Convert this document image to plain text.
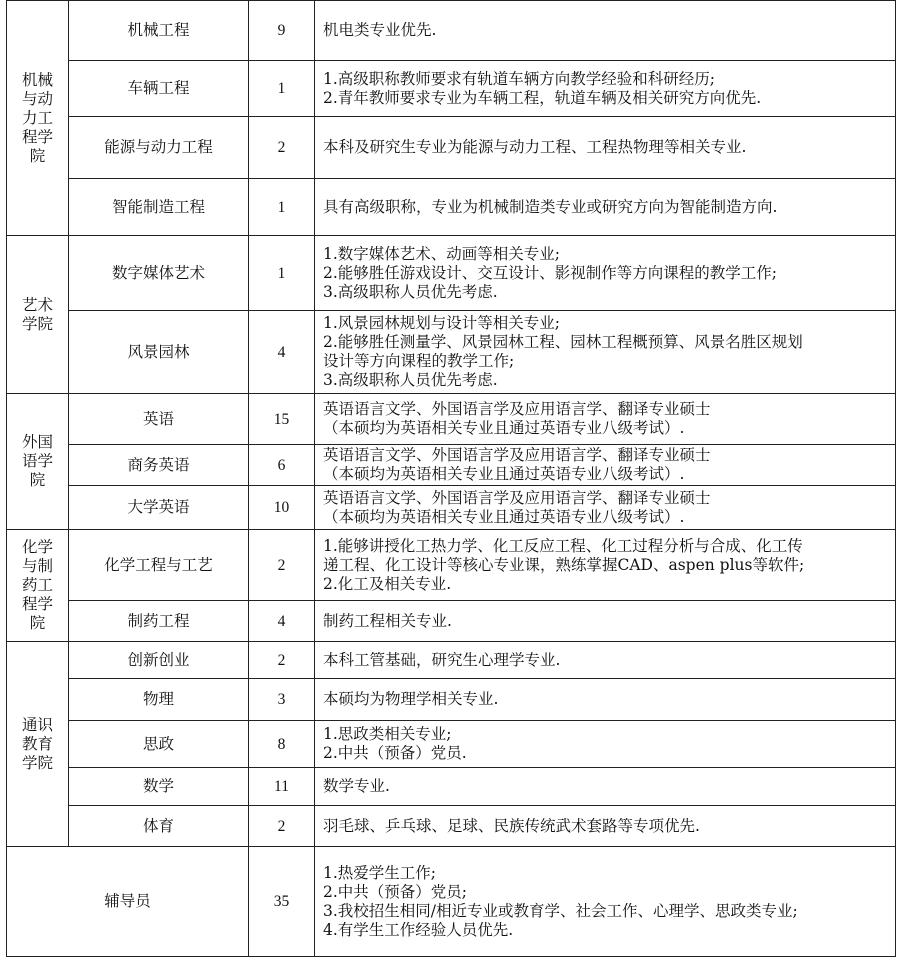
机械与动力工程学院	机械工程	9	机电类专业优先.

	车辆工程	1	1.高级职称教师要求有轨道车辆方向教学经验和科研经历;
2.青年教师要求专业为车辆工程，轨道车辆及相关研究方向优先.

	能源与动力工程	2	本科及研究生专业为能源与动力工程、工程热物理等相关专业.

	智能制造工程	1	具有高级职称，专业为机械制造类专业或研究方向为智能制造方向.

艺术学院	数字媒体艺术	1	1.数字媒体艺术、动画等相关专业;
2.能够胜任游戏设计、交互设计、影视制作等方向课程的教学工作;
3.高级职称人员优先考虑.

	风景园林	4	1.风景园林规划与设计等相关专业;
2.能够胜任测量学、风景园林工程、园林工程概预算、风景名胜区规划
设计等方向课程的教学工作;
3.高级职称人员优先考虑.

外国语学院	英语	15	英语语言文学、外国语言学及应用语言学、翻译专业硕士
（本硕均为英语相关专业且通过英语专业八级考试）.

	商务英语	6	英语语言文学、外国语言学及应用语言学、翻译专业硕士
（本硕均为英语相关专业且通过英语专业八级考试）.

	大学英语	10	英语语言文学、外国语言学及应用语言学、翻译专业硕士
（本硕均为英语相关专业且通过英语专业八级考试）.

化学与制药工程学院	化学工程与工艺	2	1.能够讲授化工热力学、化工反应工程、化工过程分析与合成、化工传
递工程、化工设计等核心专业课，熟练掌握CAD、aspen plus等软件;
2.化工及相关专业.

	制药工程	4	制药工程相关专业.

通识教育学院	创新创业	2	本科工管基础，研究生心理学专业.

	物理	3	本硕均为物理学相关专业.

	思政	8	1.思政类相关专业;
2.中共（预备）党员.

	数学	11	数学专业.

	体育	2	羽毛球、乒乓球、足球、民族传统武术套路等专项优先.

辅导员		35	1.热爱学生工作;
2.中共（预备）党员;
3.我校招生相同/相近专业或教育学、社会工作、心理学、思政类专业;
4.有学生工作经验人员优先.
